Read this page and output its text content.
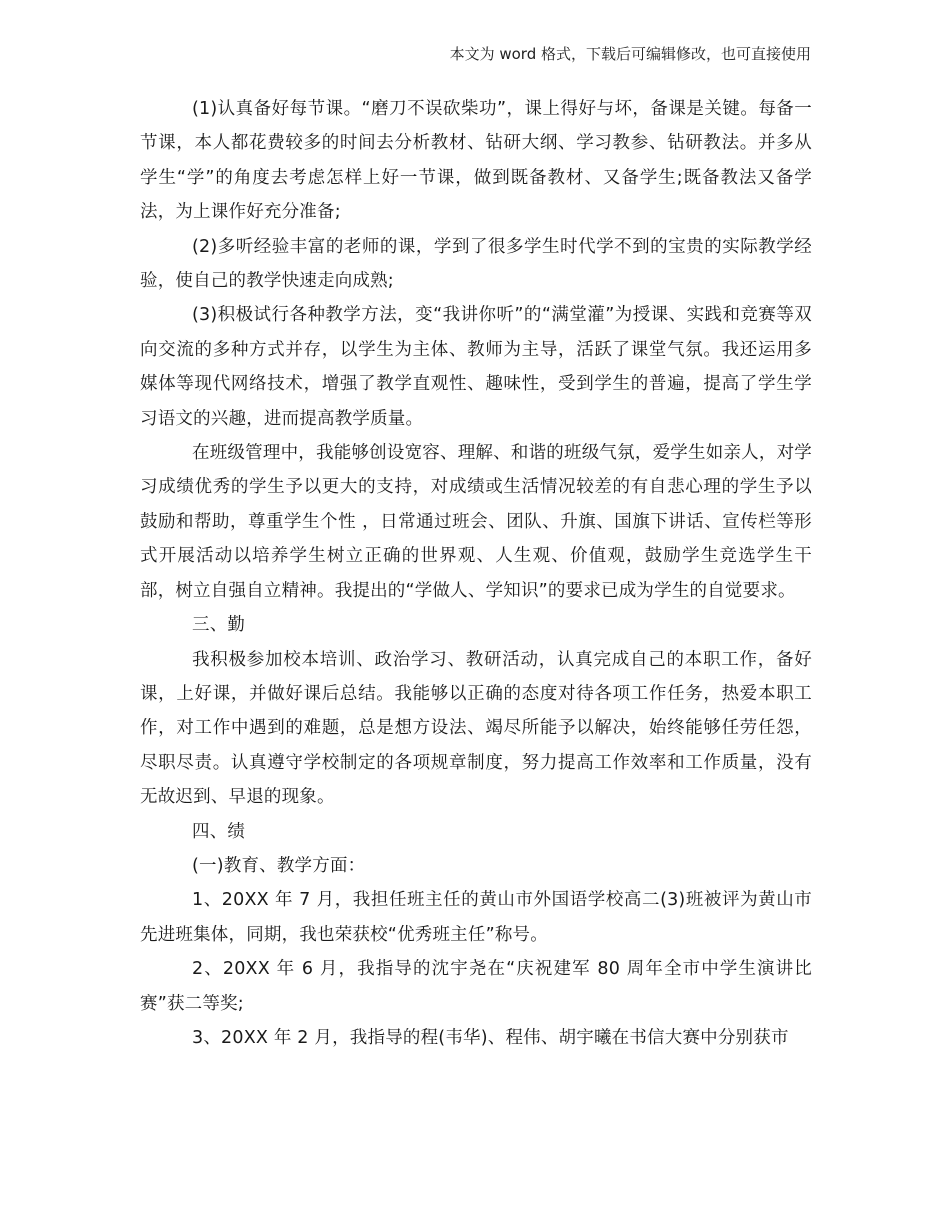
本文为 word 格式，下载后可编辑修改，也可直接使用

(1)认真备好每节课。“磨刀不误砍柴功”，课上得好与坏，备课是关键。每备一节课，本人都花费较多的时间去分析教材、钻研大纲、学习教参、钻研教法。并多从学生“学”的角度去考虑怎样上好一节课，做到既备教材、又备学生;既备教法又备学法，为上课作好充分准备;

(2)多听经验丰富的老师的课，学到了很多学生时代学不到的宝贵的实际教学经验，使自己的教学快速走向成熟;

(3)积极试行各种教学方法，变“我讲你听”的“满堂灌”为授课、实践和竞赛等双向交流的多种方式并存，以学生为主体、教师为主导，活跃了课堂气氛。我还运用多媒体等现代网络技术，增强了教学直观性、趣味性，受到学生的普遍，提高了学生学习语文的兴趣，进而提高教学质量。

在班级管理中，我能够创设宽容、理解、和谐的班级气氛，爱学生如亲人，对学习成绩优秀的学生予以更大的支持，对成绩或生活情况较差的有自悲心理的学生予以鼓励和帮助，尊重学生个性 ，日常通过班会、团队、升旗、国旗下讲话、宣传栏等形式开展活动以培养学生树立正确的世界观、人生观、价值观，鼓励学生竞选学生干部，树立自强自立精神。我提出的“学做人、学知识”的要求已成为学生的自觉要求。

三、勤

我积极参加校本培训、政治学习、教研活动，认真完成自己的本职工作，备好课，上好课，并做好课后总结。我能够以正确的态度对待各项工作任务，热爱本职工作，对工作中遇到的难题，总是想方设法、竭尽所能予以解决，始终能够任劳任怨，尽职尽责。认真遵守学校制定的各项规章制度，努力提高工作效率和工作质量，没有无故迟到、早退的现象。

四、绩

(一)教育、教学方面：

1、20XX 年 7 月，我担任班主任的黄山市外国语学校高二(3)班被评为黄山市先进班集体，同期，我也荣获校“优秀班主任”称号。

2、20XX 年 6 月，我指导的沈宇尧在“庆祝建军 80 周年全市中学生演讲比赛”获二等奖;

3、20XX 年 2 月，我指导的程(韦华)、程伟、胡宇曦在书信大赛中分别获市
